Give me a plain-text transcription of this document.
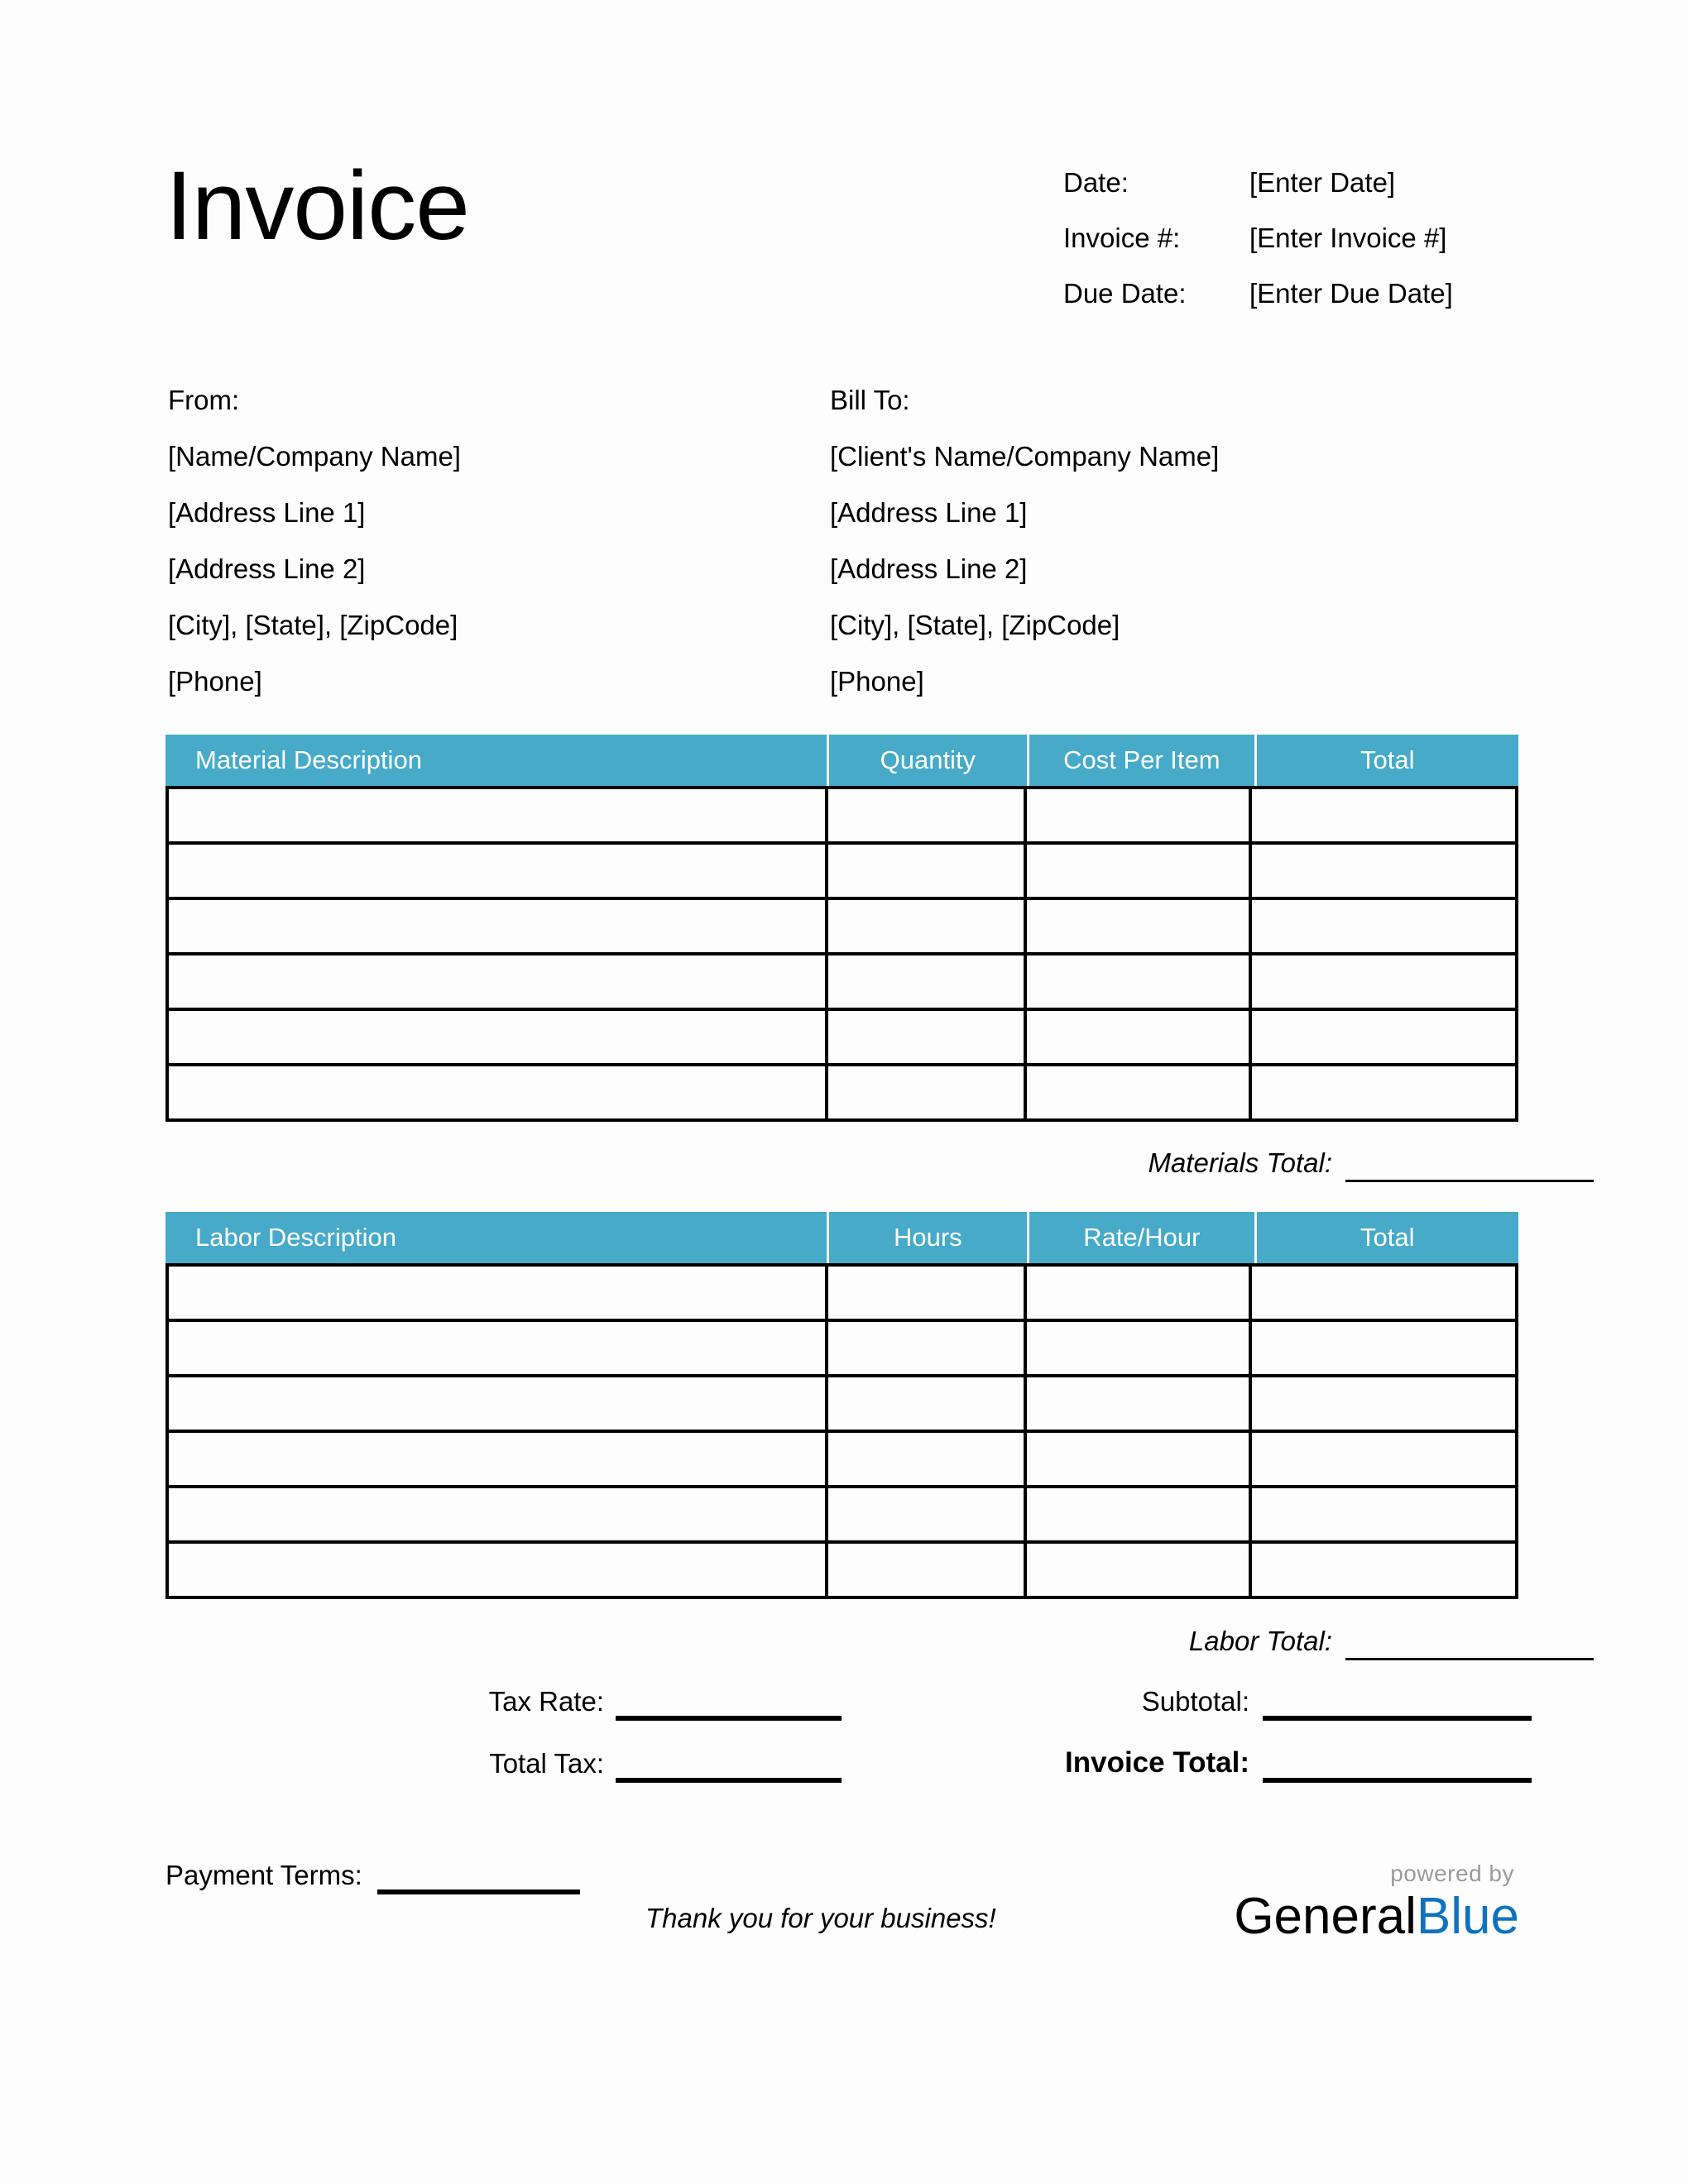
Invoice	Date:	[Enter Date]
Invoice #:	[Enter Invoice #]
Due Date:	[Enter Due Date]
From:
[Name/Company Name]
[Address Line 1]
[Address Line 2]
[City], [State], [ZipCode]
[Phone]
Bill To:
[Client's Name/Company Name]
[Address Line 1]
[Address Line 2]
[City], [State], [ZipCode]
[Phone]
Material Description	Quantity	Cost Per Item	Total
Materials Total:
Labor Description	Hours	Rate/Hour	Total
Labor Total:
Tax Rate:
Total Tax:
Subtotal:
Invoice Total:
Payment Terms:
Thank you for your business!
powered by
GeneralBlue
